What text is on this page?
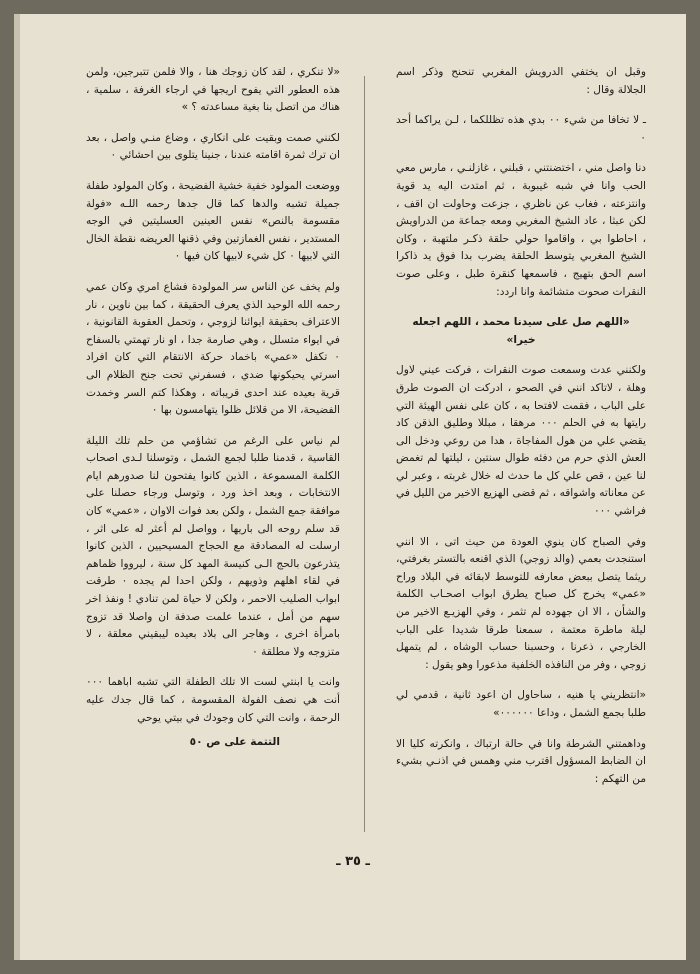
وقبل ان يختفي الدرويش المغربي تنحنح وذكر اسم الجلالة وقال :

ـ لا تخافا من شيء ٠٠ بدي هذه تظللكما ، لـن يراكما أحد ٠

دنا واصل مني ، اختضنتني ، قبلني ، غازلنـي ، مارس معي الحب وانا في شبه غيبوبة ، ثم امتدت اليه يد قوية وانتزعته ، فغاب عن ناظري ، جزعت وحاولت ان اقف ، لكن عبثا ، عاد الشيخ المغربي ومعه جماعة من الدراويش ، احاطوا بي ، واقاموا حولي حلقة ذكـر ملتهبة ، وكان الشيخ المغربي يتوسط الحلقة يضرب بدا فوق يد ذاكرا اسم الحق بتهيج ، فاسمعها كنقرة طبل ، وعلى صوت النقرات صحوت متشائمة وانا اردد:

«اللهم صل على سيدنا محمد ، اللهم اجعله خيرا»

ولكنني عدت وسمعت صوت النقرات ، فركت عيني لاول وهلة ، لاتاكد انني في الصحو ، ادركت ان الصوت طرق على الباب ، فقمت لافتحا به ، كان على نفس الهيئة التي رايتها به في الحلم ٠٠٠ مرهقا ، مبللا وطليق الذقن كاد يقضي علي من هول المفاجاة ، هدا من روعي ودخل الى العش الذي حرم من دفئه طوال سنتين ، ليلتها لم تغمض لنا عين ، قص علي كل ما حدث له خلال غربته ، وعبر لي عن معاناته واشواقه ، ثم قضى الهزيع الاخير من الليل في فراشي ٠٠٠

وفي الصباح كان ينوي العودة من حيث اتى ، الا انني استنجدت بعمي (والد زوجي) الذي اقنعه بالتستر بغرفتي، ريثما يتصل ببعض معارفه للتوسط لابقائه في البلاد وراح «عمي» يخرج كل صباح يطرق ابواب اصحـاب الكلمة والشأن ، الا ان جهوده لم تثمر ، وفي الهزيـع الاخير من ليلة ماطرة معتمة ، سمعنا طرقا شديدا على الباب الخارجي ، ذعرنا ، وحسبنا حساب الوشاه ، لم يتمهل زوجي ، وفر من النافذه الخلفية مذعورا وهو يقول :

«انتظريني يا هنيه ، ساحاول ان اعود ثانية ، قدمي لي طلبا بجمع الشمل ، وداعا ٠٠٠٠٠٠»

وداهمتني الشرطة وانا في حالة ارتباك ، وانكرته كليا الا ان الضابط المسؤول اقترب مني وهمس في اذنـي بشيء من التهكم :

«لا تنكري ، لقد كان زوجك هنا ، والا فلمن تتبرجين، ولمن هذه العطور التي يفوح اريجها في ارجاء الغرفة ، سلمية ، هناك من اتصل بنا بغية مساعدته ؟ »

لكنني صمت وبقيت على انكاري ، وضاع منـي واصل ، بعد ان ترك ثمرة اقامته عندنا ، جنينا يتلوى بين احشائي ٠

ووضعت المولود خفية خشية الفضيحة ، وكان المولود طفلة جميلة تشبه والدها كما قال جدها رحمه اللـه «فولة مقسومة بالنص» نفس العينين العسليتين في الوجه المستدير ، نفس الغمازتين وفي ذقنها العريضه نقطة الخال التي لابيها ٠ كل شيء لابيها كان فيها ٠

ولم يخف عن الناس سر المولودة فشاع امري وكان عمي رحمه الله الوحيد الذي يعرف الحقيقة ، كما بين ناوين ، نار الاعتراف بحقيقة ايوائنا لزوجي ، وتحمل العقوبة القانونية ، في ايواء متسلل ، وهي صارمة جدا ، او نار تهمتي بالسفاح ٠ تكفل «عمي» باخماد حركة الانتقام التي كان افراد اسرتي يحيكونها ضدي ، فسفرني تحت جنح الظلام الى قرية بعيده عند احدى قريباته ، وهكذا كتم السر وخمدت الفضيحة، الا من قلائل ظلوا يتهامسون بها ٠

لم نياس على الرغم من تشاؤمي من حلم تلك الليلة القاسية ، قدمنا طلبا لجمع الشمل ، وتوسلنا لـدى اصحاب الكلمة المسموعة ، الذين كانوا يفتحون لنا صدورهم ايام الانتخابات ، وبعد اخذ ورد ، وتوسل ورجاء حصلنا على موافقة جمع الشمل ، ولكن بعد فوات الاوان ، «عمي» كان قد سلم روحه الى باريها ، وواصل لم أعثر له على اثر ، ارسلت له المصادقة مع الحجاج المسيحيين ، الذين كانوا يتذرعون بالحج الـى كنيسة المهد كل سنة ، ليرووا ظماهم في لقاء اهلهم وذويهم ، ولكن احدا لم يجده ٠ طرقت ابواب الصليب الاحمر ، ولكن لا حياة لمن تنادي ! ونفذ اخر سهم من أمل ، عندما علمت صدفة ان واصلا قد تزوج بامرأة اخرى ، وهاجر الى بلاد بعيده ليبقيني معلقة ، لا متزوجه ولا مطلقة ٠

وانت يا ابنتي لست الا تلك الطفلة التي تشبه اباهما ٠٠٠ أنت هي نصف الفولة المقسومة ، كما قال جدك عليه الرحمة ، وانت التي كان وجودك في بيتي يوحي

التتمة على ص ٥٠

ـ ٣٥ ـ
